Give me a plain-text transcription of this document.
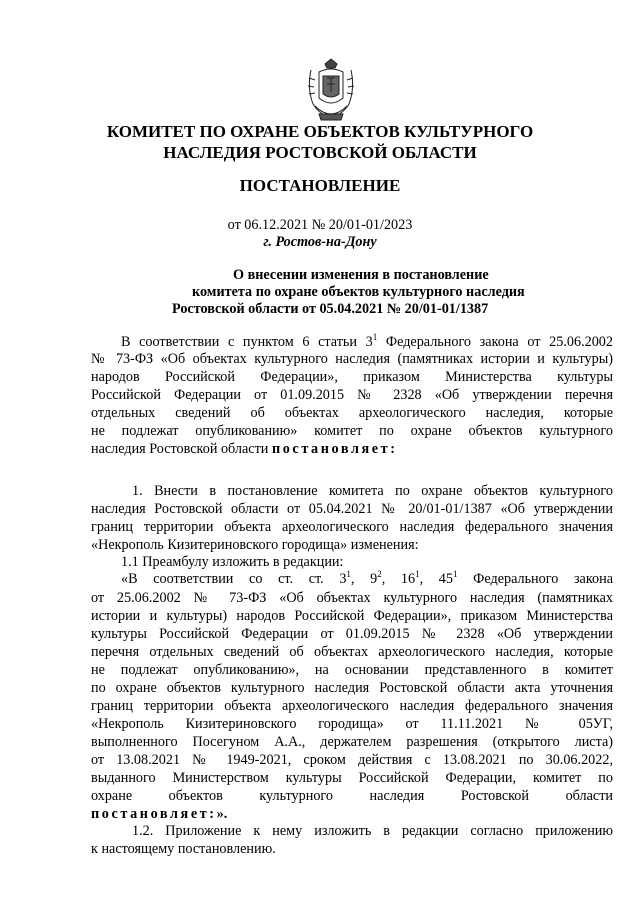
КОМИТЕТ ПО ОХРАНЕ ОБЪЕКТОВ КУЛЬТУРНОГО
НАСЛЕДИЯ РОСТОВСКОЙ ОБЛАСТИ
ПОСТАНОВЛЕНИЕ
от 06.12.2021 № 20/01-01/2023
г. Ростов-на-Дону
О внесении изменения в постановление
комитета по охране объектов культурного наследия
Ростовской области от 05.04.2021 № 20/01-01/1387
В соответствии с пунктом 6 статьи $3^1$ Федерального закона от 25.06.2002
№ 73-ФЗ «Об объектах культурного наследия (памятниках истории и культуры)
народов Российской Федерации», приказом Министерства культуры
Российской Федерации от 01.09.2015 № 2328 «Об утверждении перечня
отдельных сведений об объектах археологического наследия, которые
не подлежат опубликованию» комитет по охране объектов культурного
наследия Ростовской области постановляет:
1. Внести в постановление комитета по охране объектов культурного
наследия Ростовской области от 05.04.2021 № 20/01-01/1387 «Об утверждении
границ территории объекта археологического наследия федерального значения
«Некрополь Кизитериновского городища» изменения:
1.1 Преамбулу изложить в редакции:
«В соответствии со ст. ст. $3^1$, $9^2$, $16^1$, $45^1$ Федерального закона
от 25.06.2002 № 73-ФЗ «Об объектах культурного наследия (памятниках
истории и культуры) народов Российской Федерации», приказом Министерства
культуры Российской Федерации от 01.09.2015 № 2328 «Об утверждении
перечня отдельных сведений об объектах археологического наследия, которые
не подлежат опубликованию», на основании представленного в комитет
по охране объектов культурного наследия Ростовской области акта уточнения
границ территории объекта археологического наследия федерального значения
«Некрополь Кизитериновского городища» от 11.11.2021 № 05УГ,
выполненного Посегуном А.А., держателем разрешения (открытого листа)
от 13.08.2021 № 1949-2021, сроком действия с 13.08.2021 по 30.06.2022,
выданного Министерством культуры Российской Федерации, комитет по
охране объектов культурного наследия Ростовской области
постановляет:».
1.2. Приложение к нему изложить в редакции согласно приложению
к настоящему постановлению.
